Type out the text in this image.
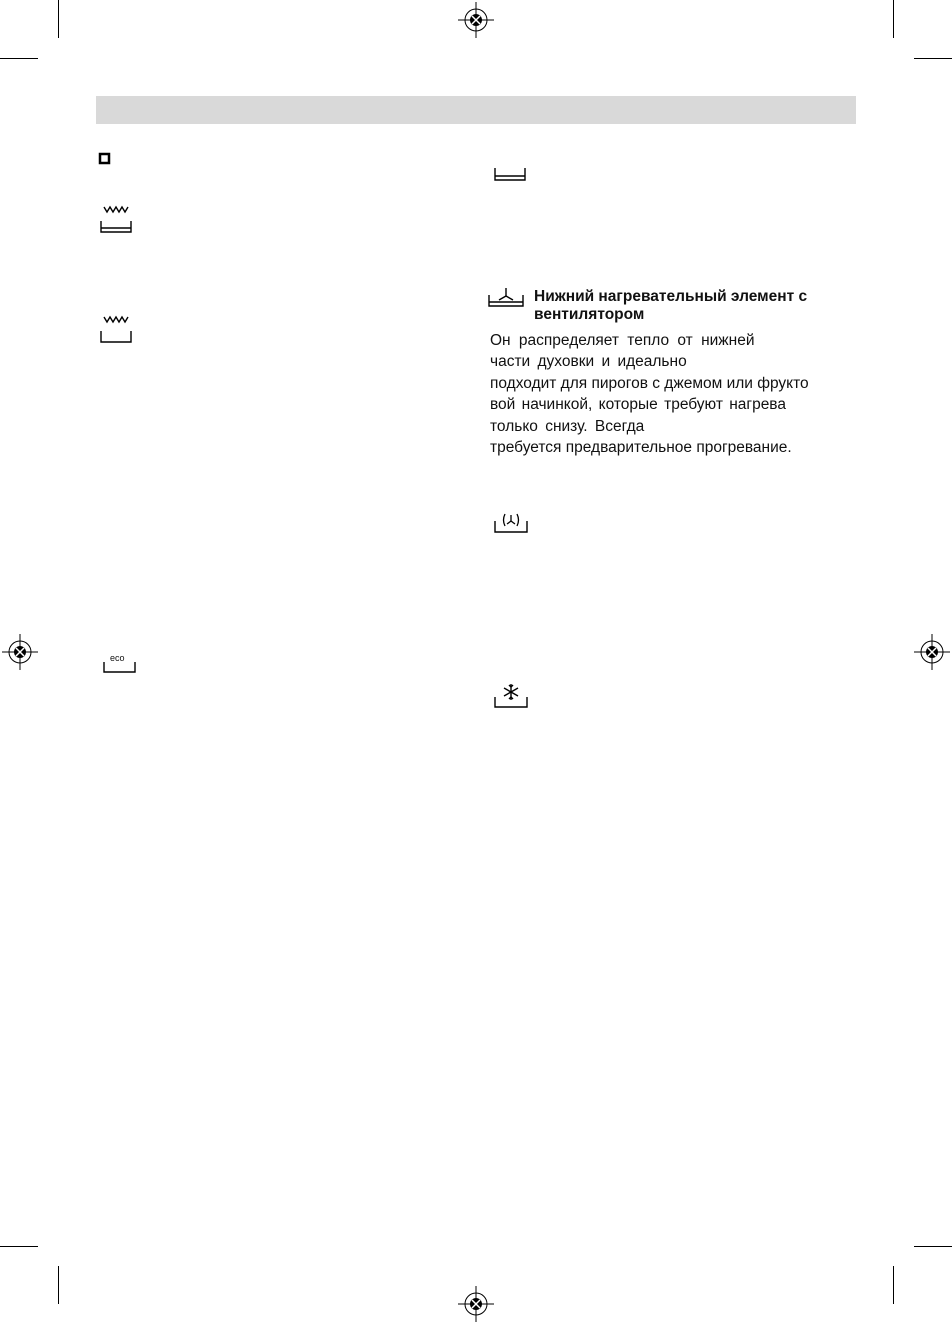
eco
Нижний нагревательный элемент с
вентилятором
Он распределяет тепло от нижней
части духовки и идеально
подходит для пирогов с джемом или фрукто
вой начинкой, которые требуют нагрева
только снизу. Всегда
требуется предварительное прогревание.
